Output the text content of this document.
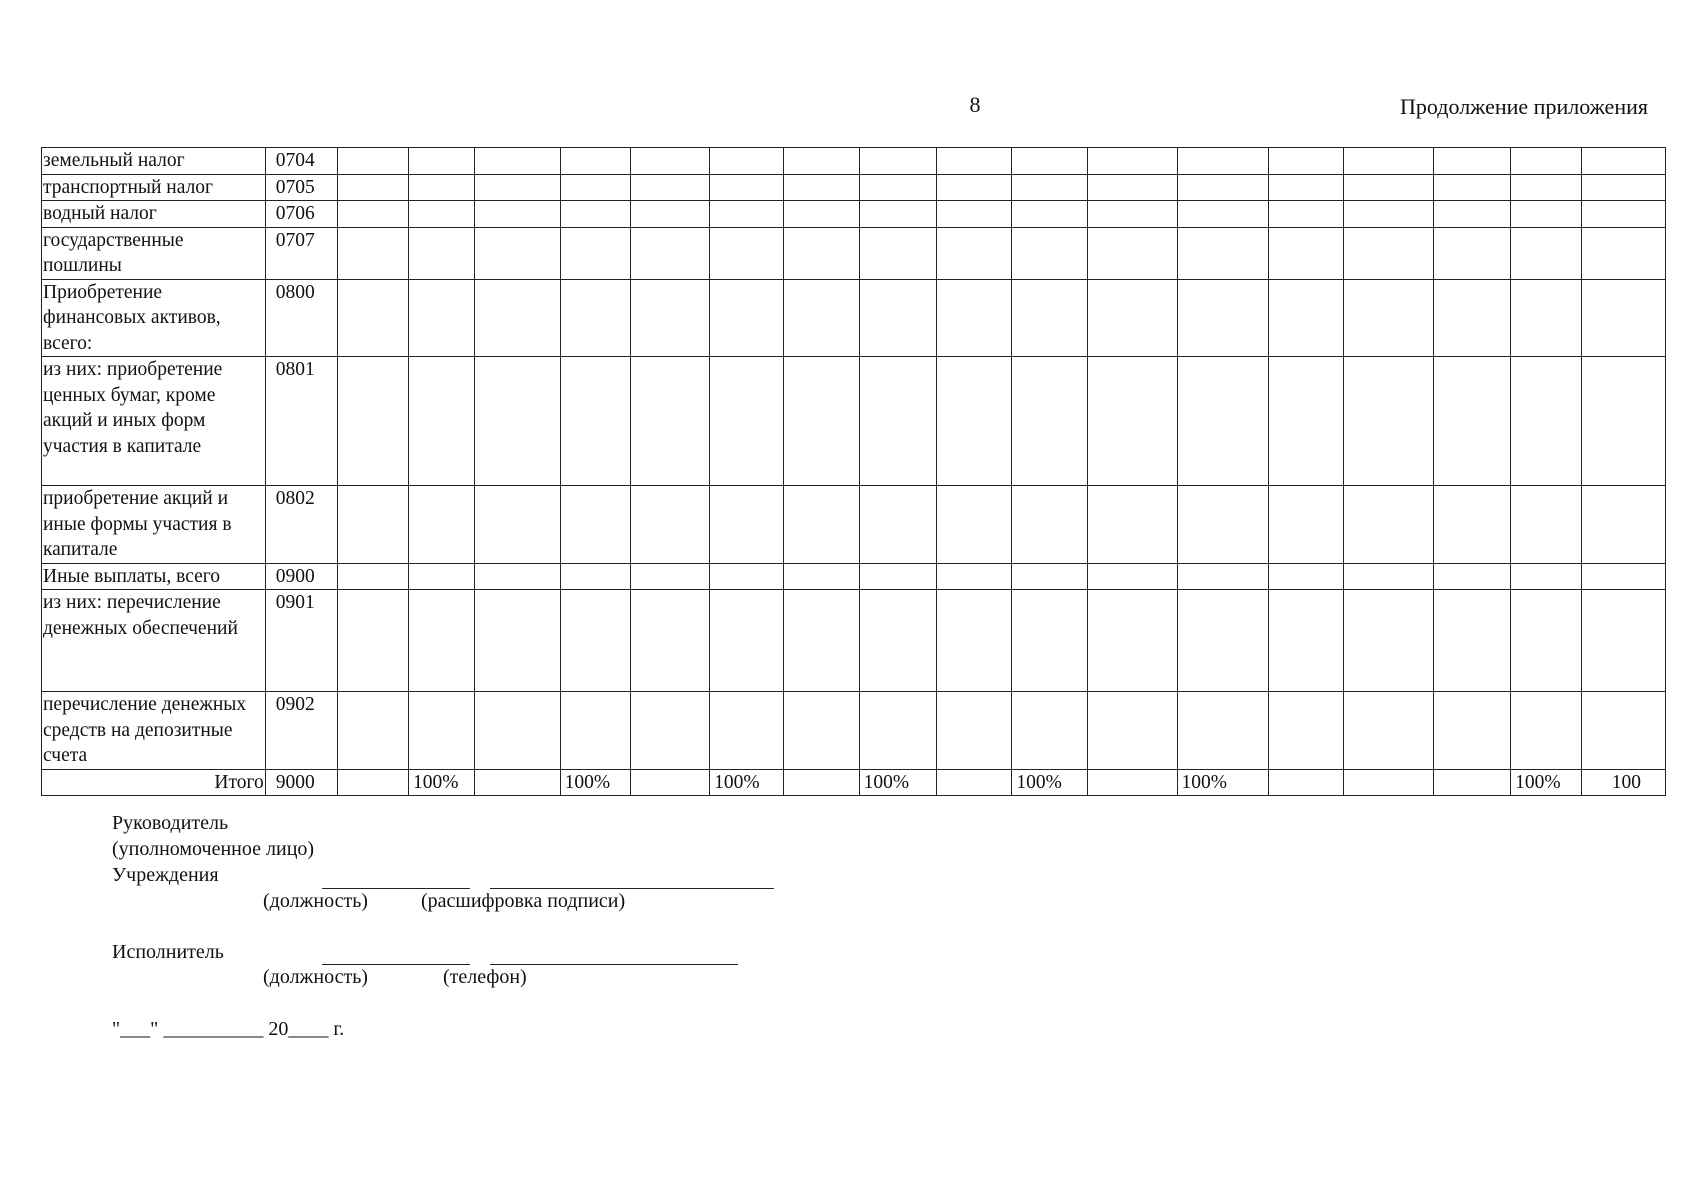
8	Продолжение приложения
земельный налог	0704																	
транспортный налог	0705																	
водный налог	0706																	
государственные пошлины	0707																	
Приобретение финансовых активов, всего:	0800																	
из них: приобретение ценных бумаг, кроме акций и иных форм участия в капитале	0801																	
приобретение акций и иные формы участия в капитале	0802																	
Иные выплаты, всего	0900																	
из них: перечисление денежных обеспечений	0901																	
перечисление денежных средств на депозитные счета	0902																	
Итого	9000		100%		100%		100%		100%		100%		100%				100%	100
Руководитель
(уполномоченное лицо)
Учреждения
(должность)	(расшифровка подписи)
Исполнитель
(должность)	(телефон)
"___" __________ 20____ г.
